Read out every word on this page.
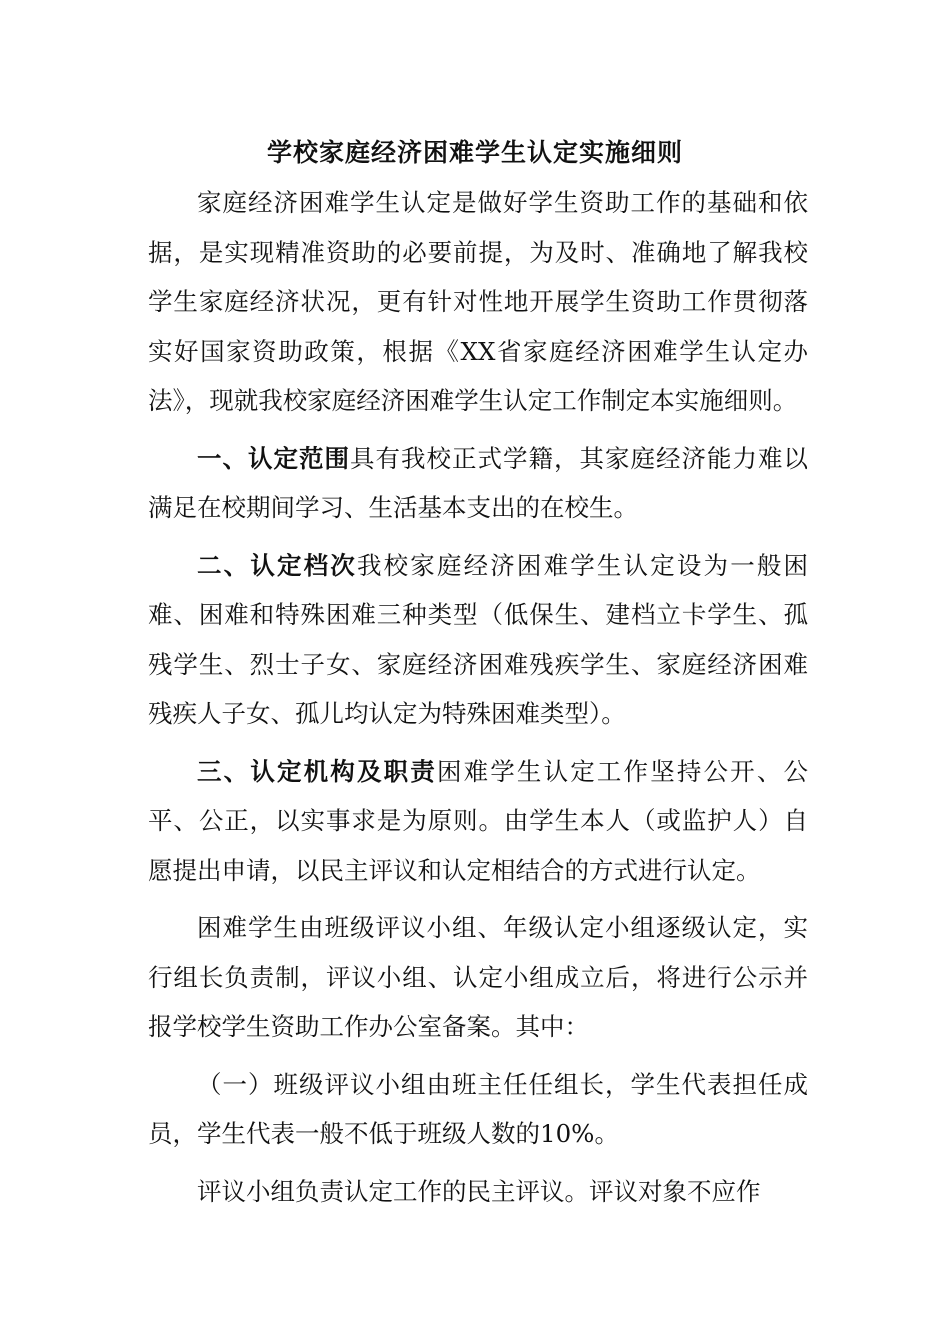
学校家庭经济困难学生认定实施细则

家庭经济困难学生认定是做好学生资助工作的基础和依据，是实现精准资助的必要前提，为及时、准确地了解我校学生家庭经济状况，更有针对性地开展学生资助工作贯彻落实好国家资助政策，根据《XX省家庭经济困难学生认定办法》，现就我校家庭经济困难学生认定工作制定本实施细则。

一、认定范围具有我校正式学籍，其家庭经济能力难以满足在校期间学习、生活基本支出的在校生。

二、认定档次我校家庭经济困难学生认定设为一般困难、困难和特殊困难三种类型（低保生、建档立卡学生、孤残学生、烈士子女、家庭经济困难残疾学生、家庭经济困难残疾人子女、孤儿均认定为特殊困难类型）。

三、认定机构及职责困难学生认定工作坚持公开、公平、公正，以实事求是为原则。由学生本人（或监护人）自愿提出申请，以民主评议和认定相结合的方式进行认定。

困难学生由班级评议小组、年级认定小组逐级认定，实行组长负责制，评议小组、认定小组成立后，将进行公示并报学校学生资助工作办公室备案。其中：

（一）班级评议小组由班主任任组长，学生代表担任成员，学生代表一般不低于班级人数的10%。

评议小组负责认定工作的民主评议。评议对象不应作
